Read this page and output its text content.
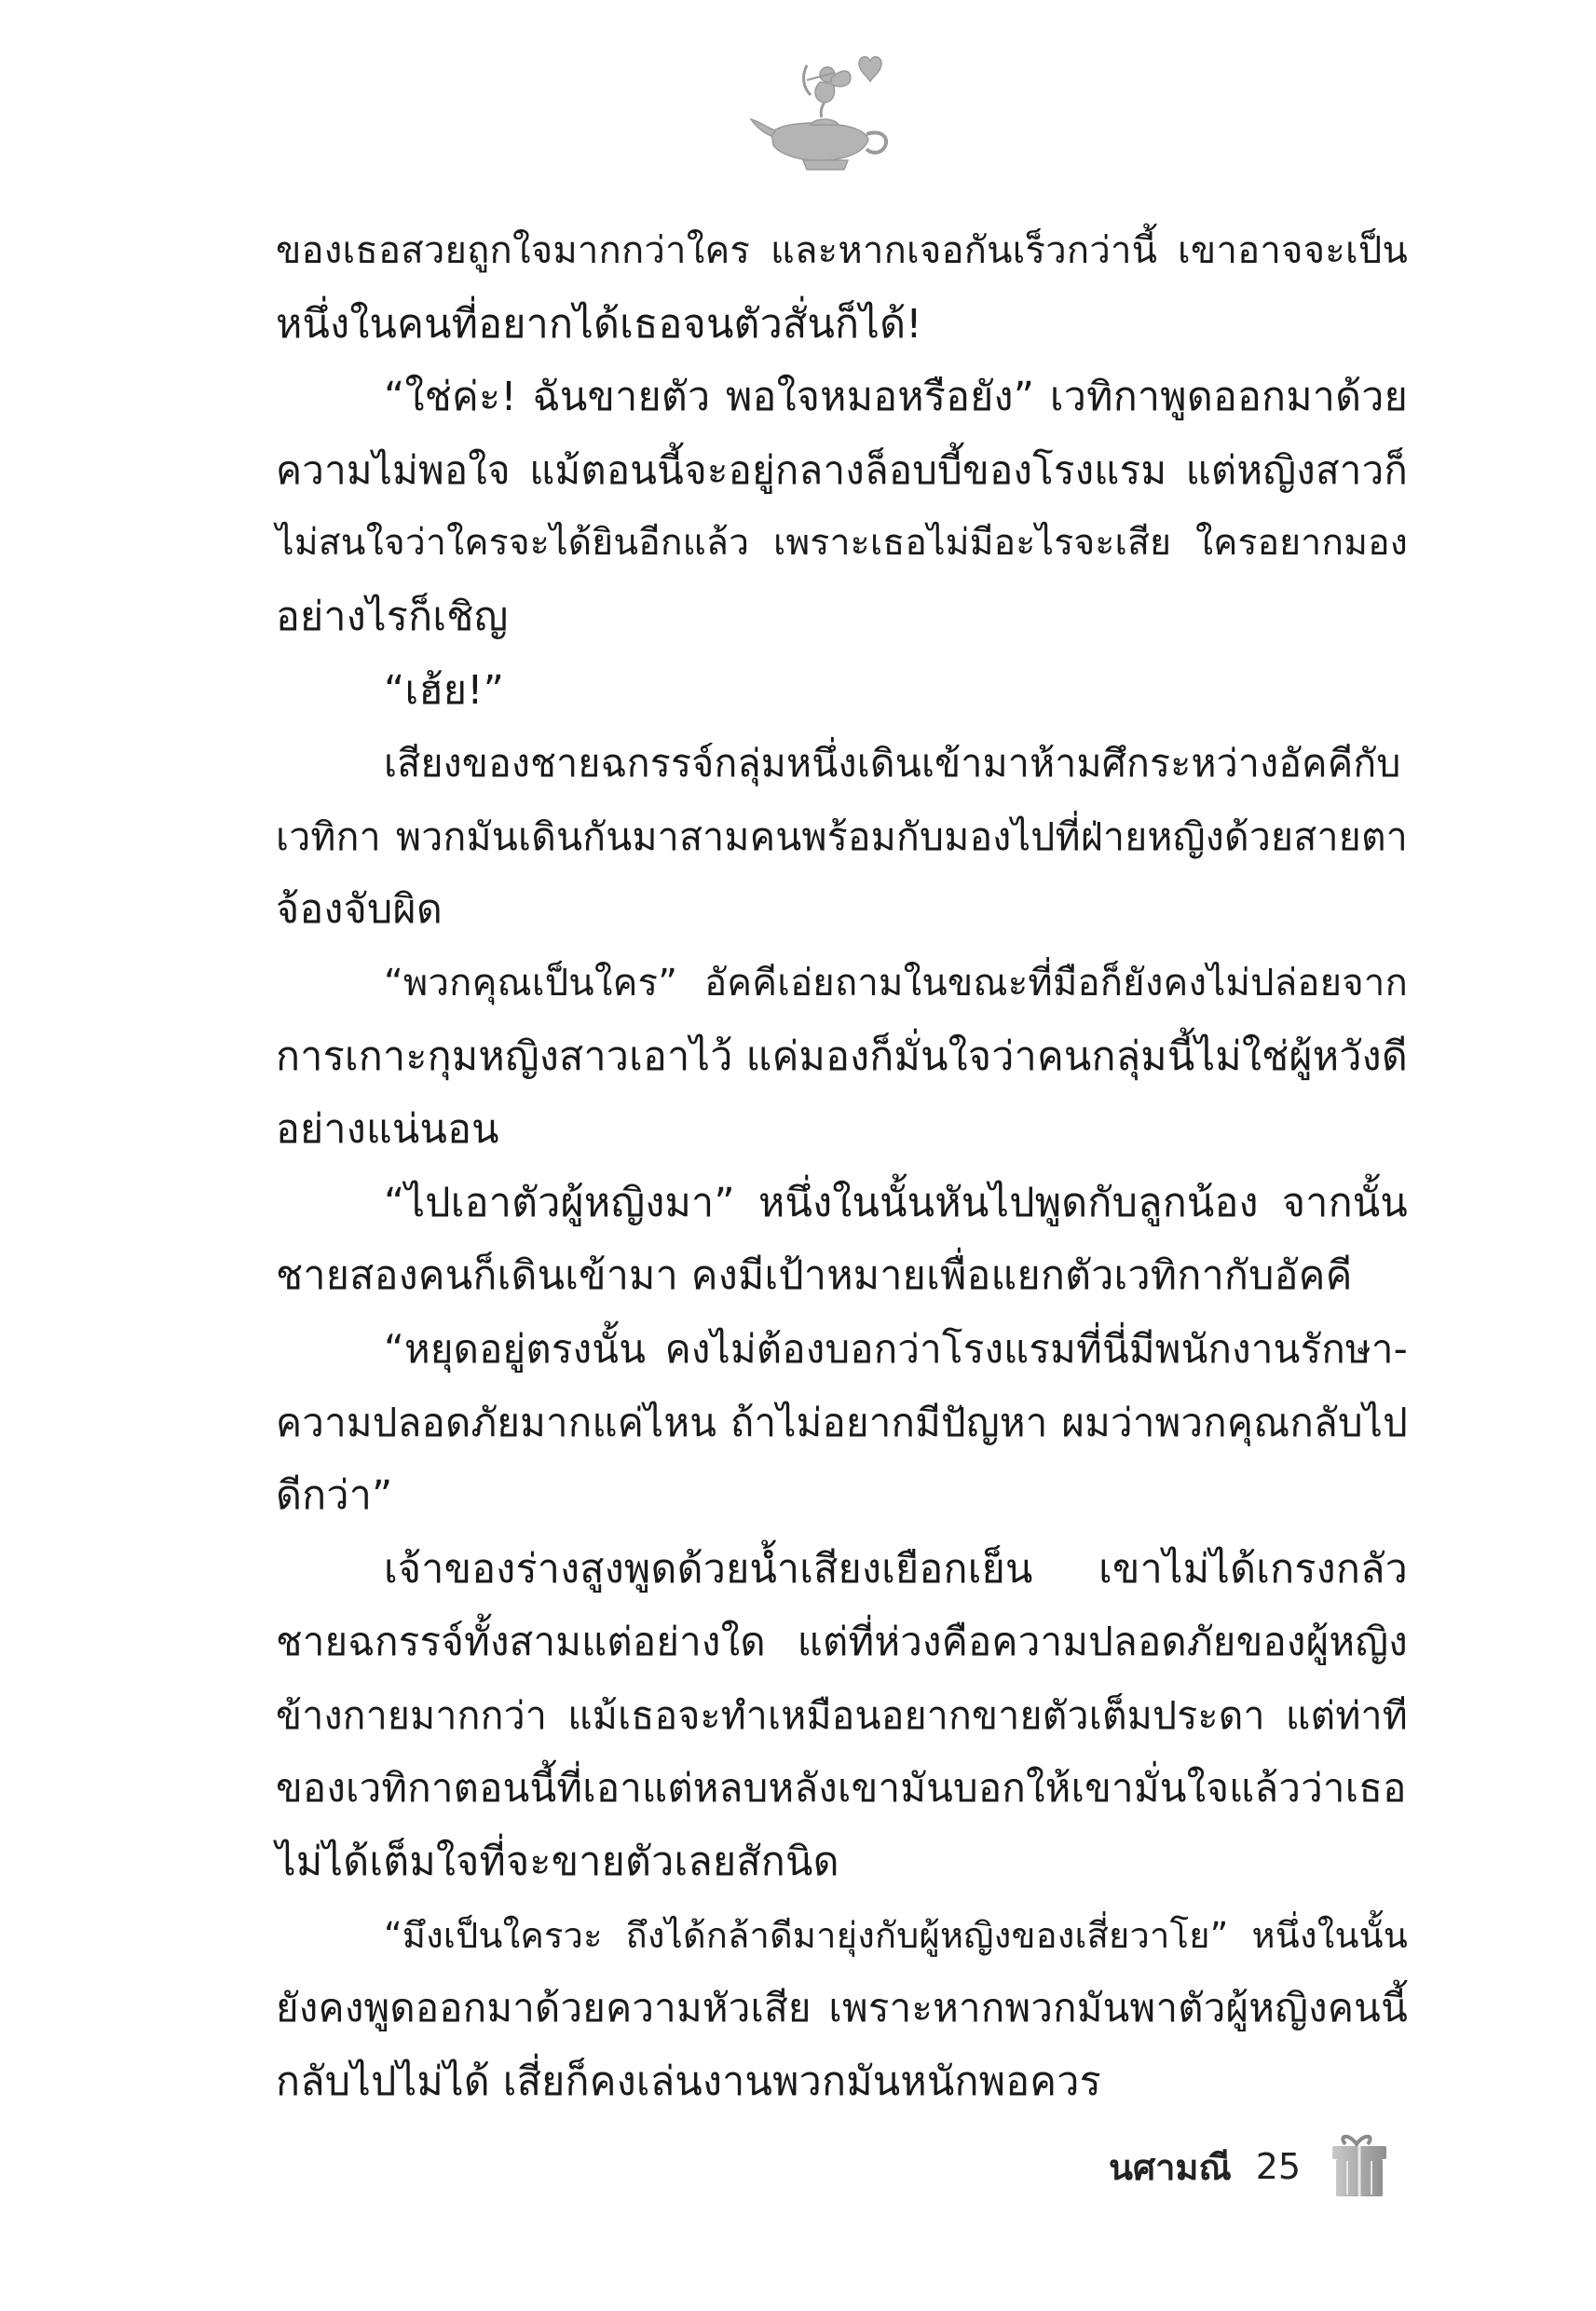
ของเธอสวยถูกใจมากกว่าใคร และหากเจอกันเร็วกว่านี้ เขาอาจจะเป็น
หนึ่งในคนที่อยากได้เธอจนตัวสั่นก็ได้!
“ใช่ค่ะ! ฉันขายตัว พอใจหมอหรือยัง” เวทิกาพูดออกมาด้วย
ความไม่พอใจ แม้ตอนนี้จะอยู่กลางล็อบบี้ของโรงแรม แต่หญิงสาวก็
ไม่สนใจว่าใครจะได้ยินอีกแล้ว เพราะเธอไม่มีอะไรจะเสีย ใครอยากมอง
อย่างไรก็เชิญ
“เฮ้ย!”
เสียงของชายฉกรรจ์กลุ่มหนึ่งเดินเข้ามาห้ามศึกระหว่างอัคคีกับ
เวทิกา พวกมันเดินกันมาสามคนพร้อมกับมองไปที่ฝ่ายหญิงด้วยสายตา
จ้องจับผิด
“พวกคุณเป็นใคร” อัคคีเอ่ยถามในขณะที่มือก็ยังคงไม่ปล่อยจาก
การเกาะกุมหญิงสาวเอาไว้ แค่มองก็มั่นใจว่าคนกลุ่มนี้ไม่ใช่ผู้หวังดี
อย่างแน่นอน
“ไปเอาตัวผู้หญิงมา” หนึ่งในนั้นหันไปพูดกับลูกน้อง จากนั้น
ชายสองคนก็เดินเข้ามา คงมีเป้าหมายเพื่อแยกตัวเวทิกากับอัคคี
“หยุดอยู่ตรงนั้น คงไม่ต้องบอกว่าโรงแรมที่นี่มีพนักงานรักษา-
ความปลอดภัยมากแค่ไหน ถ้าไม่อยากมีปัญหา ผมว่าพวกคุณกลับไป
ดีกว่า”
เจ้าของร่างสูงพูดด้วยน้ำเสียงเยือกเย็น เขาไม่ได้เกรงกลัว
ชายฉกรรจ์ทั้งสามแต่อย่างใด แต่ที่ห่วงคือความปลอดภัยของผู้หญิง
ข้างกายมากกว่า แม้เธอจะทำเหมือนอยากขายตัวเต็มประดา แต่ท่าที
ของเวทิกาตอนนี้ที่เอาแต่หลบหลังเขามันบอกให้เขามั่นใจแล้วว่าเธอ
ไม่ได้เต็มใจที่จะขายตัวเลยสักนิด
“มึงเป็นใครวะ ถึงได้กล้าดีมายุ่งกับผู้หญิงของเสี่ยวาโย” หนึ่งในนั้น
ยังคงพูดออกมาด้วยความหัวเสีย เพราะหากพวกมันพาตัวผู้หญิงคนนี้
กลับไปไม่ได้ เสี่ยก็คงเล่นงานพวกมันหนักพอควร
นศามณี 25
